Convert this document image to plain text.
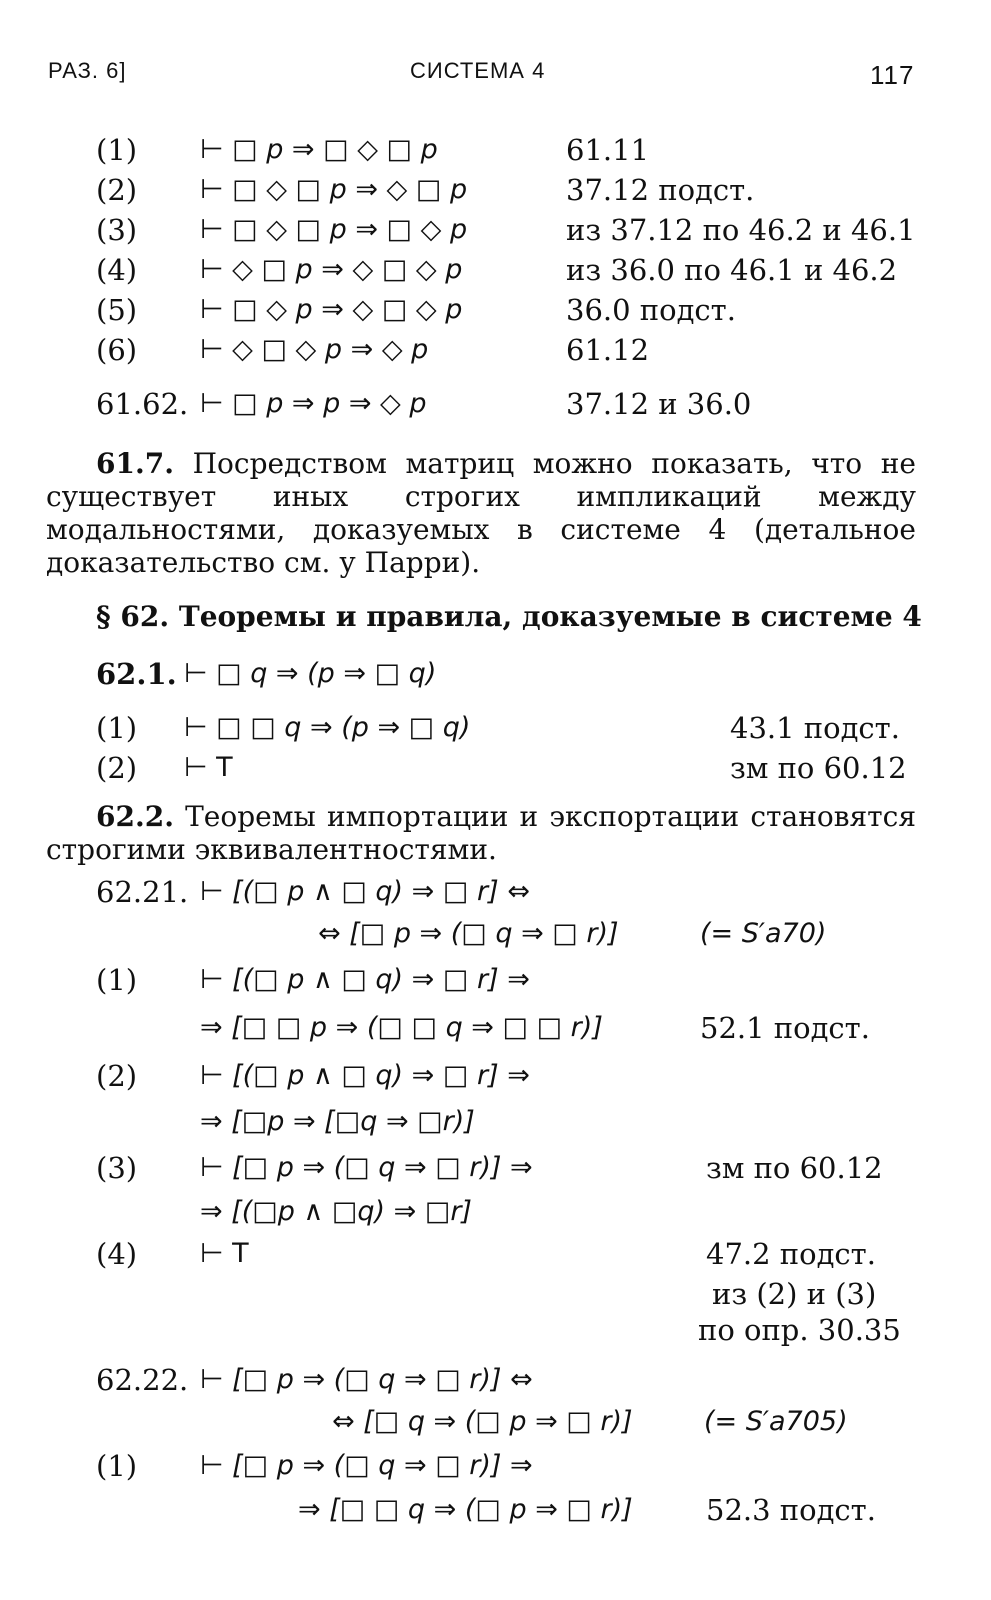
РАЗ. 6]	СИСТЕМА 4	117
(1) ⊢ □ p ⇒ □ ◇ □ p	61.11
(2) ⊢ □ ◇ □ p ⇒ ◇ □ p	37.12 подст.
(3) ⊢ □ ◇ □ p ⇒ □ ◇ p	из 37.12 по 46.2 и 46.1
(4) ⊢ ◇ □ p ⇒ ◇ □ ◇ p	из 36.0 по 46.1 и 46.2
(5) ⊢ □ ◇ p ⇒ ◇ □ ◇ p	36.0 подст.
(6) ⊢ ◇ □ ◇ p ⇒ ◇ p	61.12
61.62. ⊢ □ p ⇒ p ⇒ ◇ p	37.12 и 36.0
61.7. Посредством матриц можно показать, что не существует иных строгих импликаций между модальностями, доказуемых в системе 4 (детальное доказательство см. у Парри).
§ 62. Теоремы и правила, доказуемые в системе 4
62.1. ⊢ □ q ⇒ (p ⇒ □ q)
(1) ⊢ □ □ q ⇒ (p ⇒ □ q)	43.1 подст.
(2) ⊢ T	зм по 60.12
62.2. Теоремы импортации и экспортации становятся строгими эквивалентностями.
62.21. ⊢ [(□ p ∧ □ q) ⇒ □ r] ⇔
⇔ [□ p ⇒ (□ q ⇒ □ r)]	(= S′a70)
(1) ⊢ [(□ p ∧ □ q) ⇒ □ r] ⇒
⇒ [□ □ p ⇒ (□ □ q ⇒ □ □ r)]	52.1 подст.
(2) ⊢ [(□ p ∧ □ q) ⇒ □ r] ⇒
⇒ [□p ⇒ [□q ⇒ □r)]
(3) ⊢ [□ p ⇒ (□ q ⇒ □ r)] ⇒	зм по 60.12
⇒ [(□p ∧ □q) ⇒ □r]
(4) ⊢ T	47.2 подст.
из (2) и (3)
по опр. 30.35
62.22. ⊢ [□ p ⇒ (□ q ⇒ □ r)] ⇔
⇔ [□ q ⇒ (□ p ⇒ □ r)]	(= S′a705)
(1) ⊢ [□ p ⇒ (□ q ⇒ □ r)] ⇒
⇒ [□ □ q ⇒ (□ p ⇒ □ r)]	52.3 подст.
